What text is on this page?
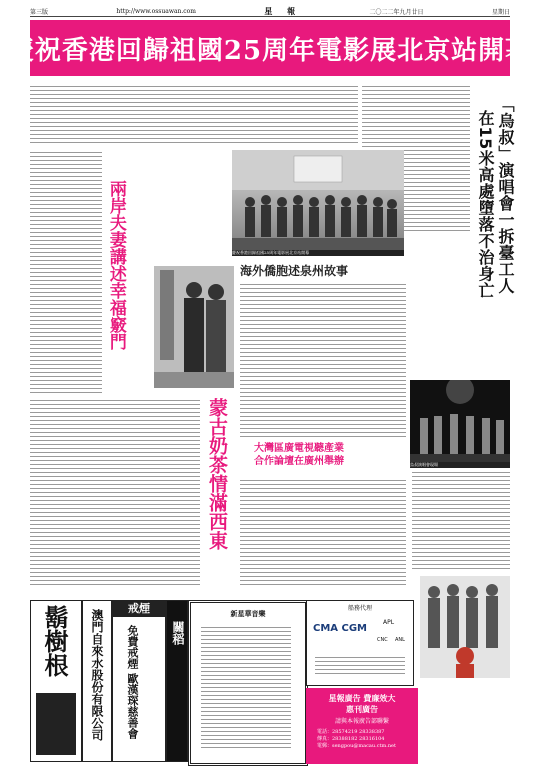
第三版	http://www.ossuawan.com	星 報	二〇二二年九月廿日	星期日
慶祝香港回歸祖國25周年電影展北京站開幕
慶祝香港回歸祖國25周年電影展北京站開幕
兩岸夫妻講述幸福竅門	海外僑胞述泉州故事	「烏叔」演唱會一拆臺工人
在15米高處墮落不治身亡
烏叔演唱會現場
蒙古奶茶情滿西東	大灣區廣電視聽產業
合作論壇在廣州舉辦
鬍樹根 澳門自來水股份有限公司
戒煙
免費戒煙 歐漢琛慈善會	關稻
新星華音樂
船務代理
CMA CGM
APL
CNC ANL
星報廣告 費廉效大
惠刊廣告
請與本報廣告部聯繫
電話：28574219 28338387
傳真：28388182 28316104
電郵：sengpou@macau.ctm.net
